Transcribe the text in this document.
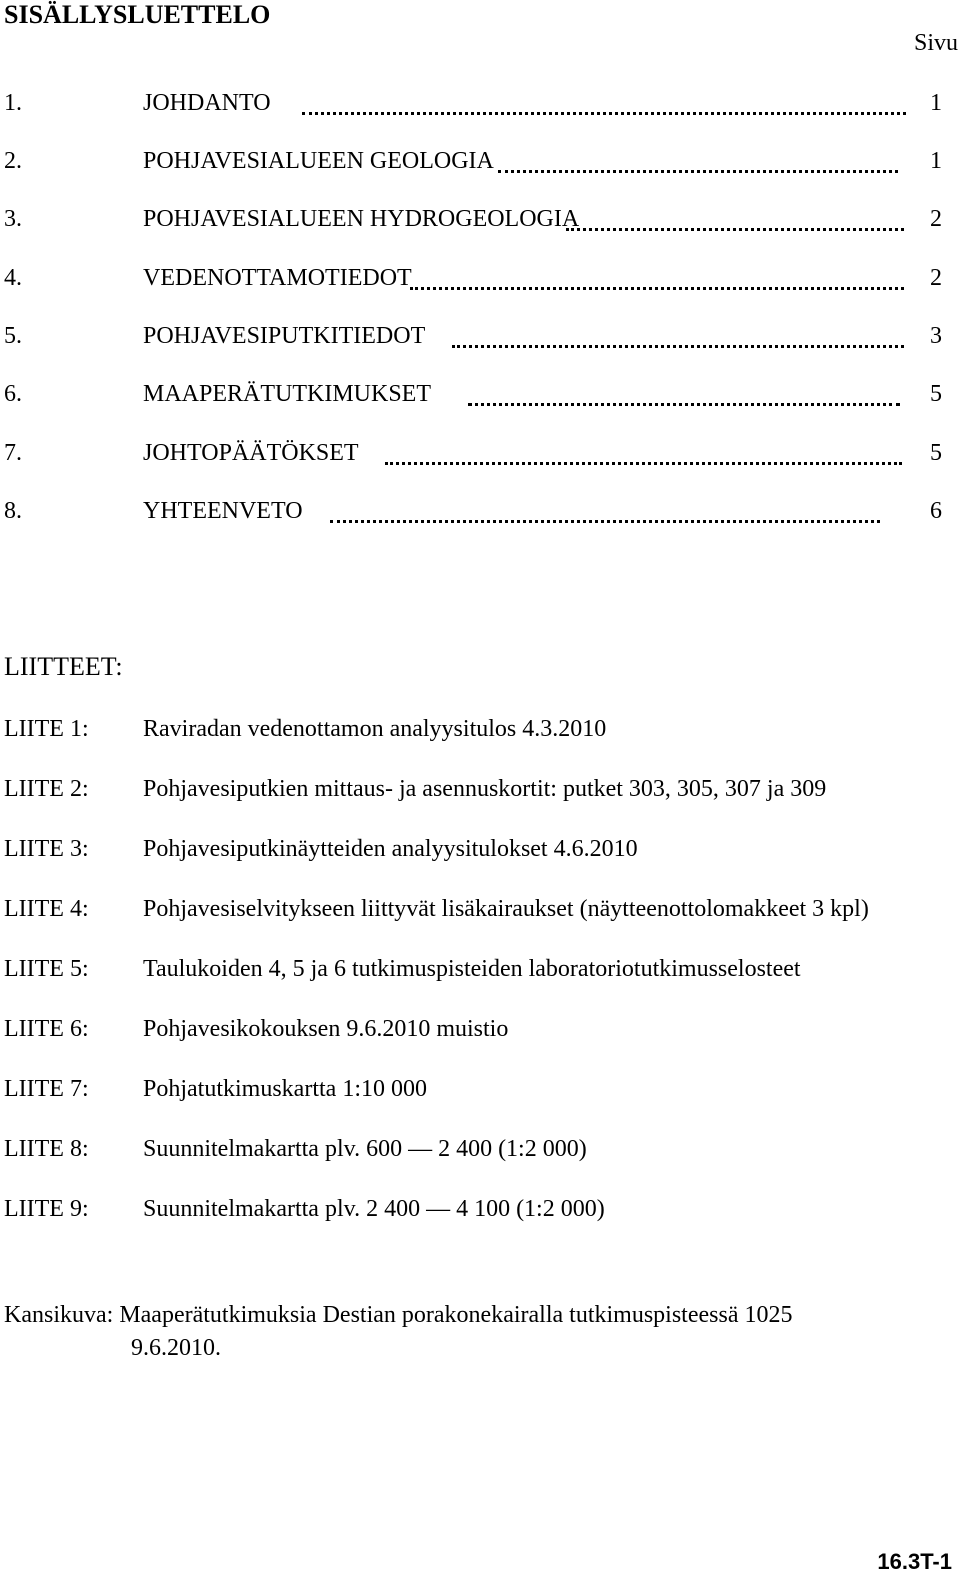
SISÄLLYSLUETTELO
Sivu
1.	JOHDANTO	1
2.	POHJAVESIALUEEN GEOLOGIA	1
3.	POHJAVESIALUEEN HYDROGEOLOGIA	2
4.	VEDENOTTAMOTIEDOT	2
5.	POHJAVESIPUTKITIEDOT	3
6.	MAAPERÄTUTKIMUKSET	5
7.	JOHTOPÄÄTÖKSET	5
8.	YHTEENVETO	6
LIITTEET:
LIITE 1: Raviradan vedenottamon analyysitulos 4.3.2010
LIITE 2: Pohjavesiputkien mittaus- ja asennuskortit: putket 303, 305, 307 ja 309
LIITE 3: Pohjavesiputkinäytteiden analyysitulokset 4.6.2010
LIITE 4: Pohjavesiselvitykseen liittyvät lisäkairaukset (näytteenottolomakkeet 3 kpl)
LIITE 5: Taulukoiden 4, 5 ja 6 tutkimuspisteiden laboratoriotutkimusselosteet
LIITE 6: Pohjavesikokouksen 9.6.2010 muistio
LIITE 7: Pohjatutkimuskartta 1:10 000
LIITE 8: Suunnitelmakartta plv. 600 — 2 400 (1:2 000)
LIITE 9: Suunnitelmakartta plv. 2 400 — 4 100 (1:2 000)
Kansikuva: Maaperätutkimuksia Destian porakonekairalla tutkimuspisteessä 1025
9.6.2010.
16.3T-1
